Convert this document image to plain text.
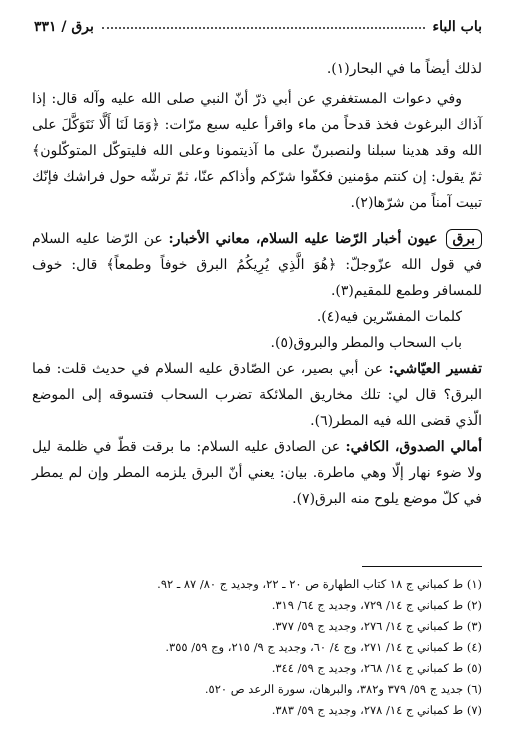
باب الباء
برق / ٣٣١

لذلك أيضاً ما في البحار(١).

وفي دعوات المستغفري عن أبي ذرّ أنّ النبي صلى الله عليه وآله قال: إذا آذاك البرغوث فخذ قدحاً من ماء واقرأ عليه سبع مرّات: ﴿وَمَا لَنَا أَلَّا نَتَوَكَّلَ على الله وقد هدينا سبلنا ولنصبرنّ على ما آذيتمونا وعلى الله فليتوكّل المتوكّلون﴾ ثمّ يقول: إن كنتم مؤمنين فكفّوا شرّكم وأذاكم عنّا، ثمّ ترشّه حول فراشك فإنّك تبيت آمناً من شرّها(٢).

برقعيون أخبار الرّضا عليه السلام، معاني الأخبار: عن الرّضا عليه السلام في قول الله عزّوجلّ: ﴿هُوَ الَّذِي يُرِيكُمُ البرق خوفاً وطمعاً﴾ قال: خوف للمسافر وطمع للمقيم(٣).

كلمات المفسّرين فيه(٤).

باب السحاب والمطر والبروق(٥).

تفسير العيّاشي: عن أبي بصير، عن الصّادق عليه السلام في حديث قلت: فما البرق؟ قال لي: تلك مخاريق الملائكة تضرب السحاب فتسوقه إلى الموضع الّذي قضى الله فيه المطر(٦).

أمالي الصدوق، الكافي: عن الصادق عليه السلام: ما برقت قطّ في ظلمة ليل ولا ضوء نهار إلّا وهي ماطرة. بيان: يعني أنّ البرق يلزمه المطر وإن لم يمطر في كلّ موضع يلوح منه البرق(٧).

(١) ط كمباني ج ١٨ كتاب الطهارة ص ٢٠ ـ ٢٢، وجديد ج ٨٠/ ٨٧ ـ ٩٢.
(٢) ط كمباني ج ١٤/ ٧٢٩، وجديد ج ٦٤/ ٣١٩.
(٣) ط كمباني ج ١٤/ ٢٧٦، وجديد ج ٥٩/ ٣٧٧.
(٤) ط كمباني ج ١٤/ ٢٧١، وج ٤/ ٦٠، وجديد ج ٩/ ٢١٥، وج ٥٩/ ٣٥٥.
(٥) ط كمباني ج ١٤/ ٢٦٨، وجديد ج ٥٩/ ٣٤٤.
(٦) جديد ج ٥٩/ ٣٧٩ و٣٨٢، والبرهان، سورة الرعد ص ٥٢٠.
(٧) ط كمباني ج ١٤/ ٢٧٨، وجديد ج ٥٩/ ٣٨٣.
